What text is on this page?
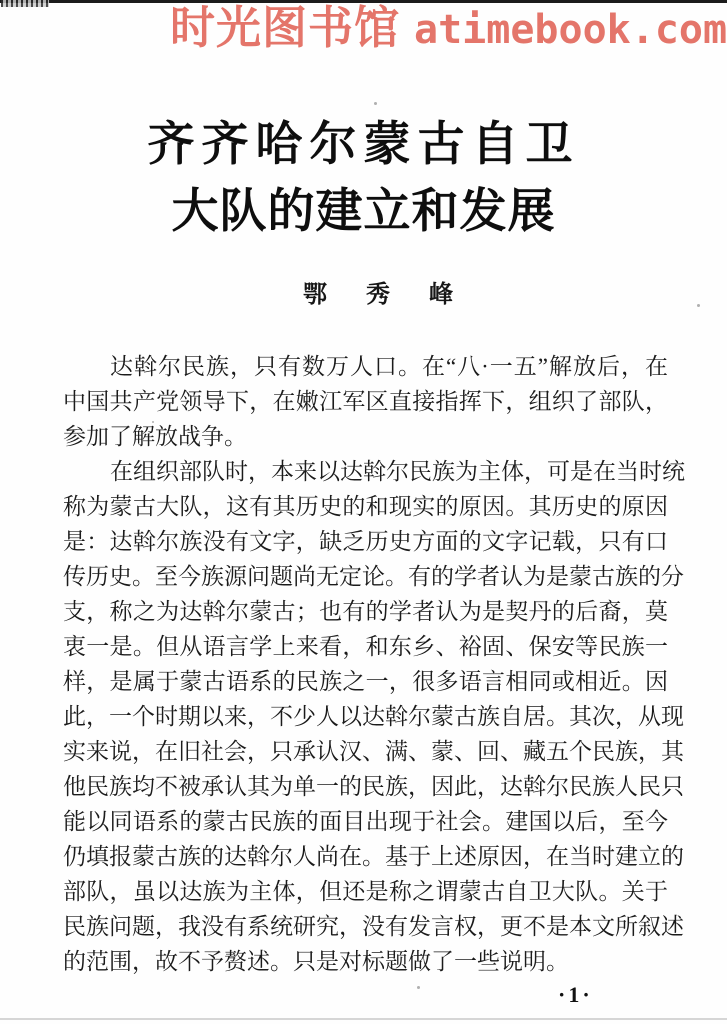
时光图书馆 atimebook.com
齐齐哈尔蒙古自卫
大队的建立和发展
鄂秀峰
达斡尔民族，只有数万人口。在“八·一五”解放后，在
中国共产党领导下，在嫩江军区直接指挥下，组织了部队，
参加了解放战争。
在组织部队时，本来以达斡尔民族为主体，可是在当时统
称为蒙古大队，这有其历史的和现实的原因。其历史的原因
是：达斡尔族没有文字，缺乏历史方面的文字记载，只有口
传历史。至今族源问题尚无定论。有的学者认为是蒙古族的分
支，称之为达斡尔蒙古；也有的学者认为是契丹的后裔，莫
衷一是。但从语言学上来看，和东乡、裕固、保安等民族一
样，是属于蒙古语系的民族之一，很多语言相同或相近。因
此，一个时期以来，不少人以达斡尔蒙古族自居。其次，从现
实来说，在旧社会，只承认汉、满、蒙、回、藏五个民族，其
他民族均不被承认其为单一的民族，因此，达斡尔民族人民只
能以同语系的蒙古民族的面目出现于社会。建国以后，至今
仍填报蒙古族的达斡尔人尚在。基于上述原因，在当时建立的
部队，虽以达族为主体，但还是称之谓蒙古自卫大队。关于
民族问题，我没有系统研究，没有发言权，更不是本文所叙述
的范围，故不予赘述。只是对标题做了一些说明。
·1·
